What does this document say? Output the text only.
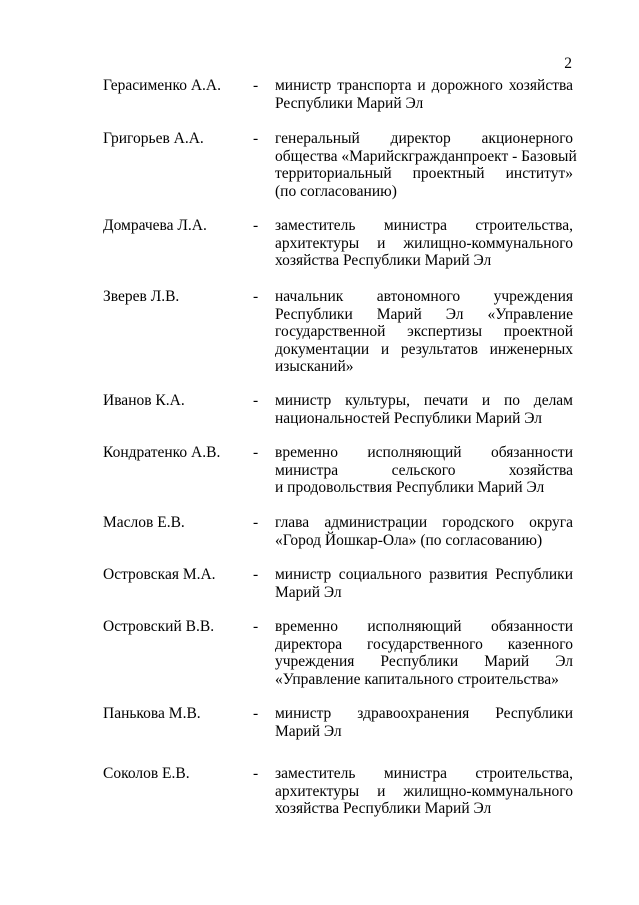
2
Герасименко А.А.	-	министр транспорта и дорожного хозяйства
Республики Марий Эл
Григорьев А.А.	-	генеральный директор акционерного
общества «Марийскгражданпроект - Базовый
территориальный проектный институт»
(по согласованию)
Домрачева Л.А.	-	заместитель министра строительства,
архитектуры и жилищно-коммунального
хозяйства Республики Марий Эл
Зверев Л.В.	-	начальник автономного учреждения
Республики Марий Эл «Управление
государственной экспертизы проектной
документации и результатов инженерных
изысканий»
Иванов К.А.	-	министр культуры, печати и по делам
национальностей Республики Марий Эл
Кондратенко А.В.	-	временно исполняющий обязанности
министра сельского хозяйства
и продовольствия Республики Марий Эл
Маслов Е.В.	-	глава администрации городского округа
«Город Йошкар-Ола» (по согласованию)
Островская М.А.	-	министр социального развития Республики
Марий Эл
Островский В.В.	-	временно исполняющий обязанности
директора государственного казенного
учреждения Республики Марий Эл
«Управление капитального строительства»
Панькова М.В.	-	министр здравоохранения Республики
Марий Эл
Соколов Е.В.	-	заместитель министра строительства,
архитектуры и жилищно-коммунального
хозяйства Республики Марий Эл
